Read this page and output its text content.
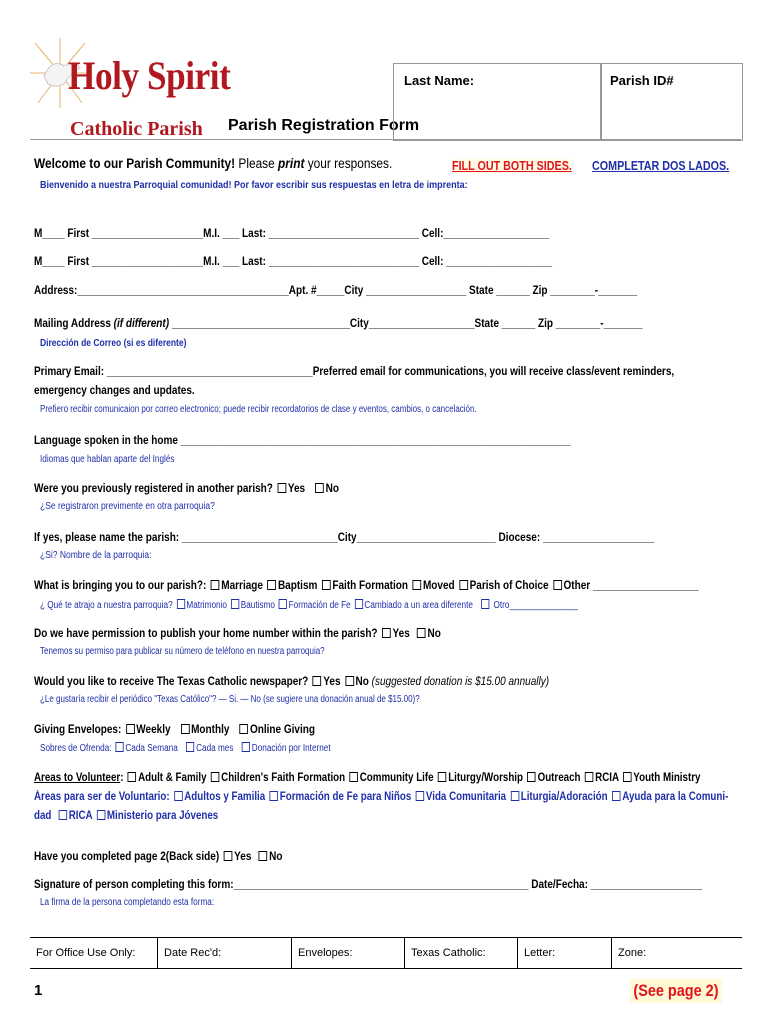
Holy Spirit
Catholic Parish Parish Registration Form
Last Name:	Parish ID#
Welcome to our Parish Community! Please print your responses.	FILL OUT BOTH SIDES. COMPLETAR DOS LADOS.
Bienvenido a nuestra Parroquial comunidad! Por favor escribir sus respuestas en letra de imprenta:
M____ First ____________________M.I. ___ Last: ___________________________ Cell:___________________
M____ First ____________________M.I. ___ Last: ___________________________ Cell: ___________________
Address:______________________________________Apt. #_____City __________________ State ______ Zip ________-_______
Mailing Address (if different) ________________________________City___________________State ______ Zip ________-_______
Dirección de Correo (si es diferente)
Primary Email: _____________________________________Preferred email for communications, you will receive class/event reminders,
emergency changes and updates.
Prefiero recibir comunicaion por correo electronico; puede recibir recordatorios de clase y eventos, cambios, o cancelación.
Language spoken in the home ______________________________________________________________________
Idiomas que hablan aparte del Inglés
Were you previously registered in another parish? Yes No
¿Se registraron previmente en otra parroquia?
If yes, please name the parish: ____________________________City_________________________ Diocese: ____________________
¿Si? Nombre de la parroquia:
What is bringing you to our parish?: Marriage Baptism Faith Formation Moved Parish of Choice Other ___________________
¿ Qué te atrajo a nuestra parroquia? Matrimonio Bautismo Formación de Fe Cambiado a un area diferente Otro_______________
Do we have permission to publish your home number within the parish? Yes No
Tenemos su permiso para publicar su número de teléfono en nuestra parroquia?
Would you like to receive The Texas Catholic newspaper? Yes No (suggested donation is $15.00 annually)
¿Le gustaría recibir el periódico "Texas Católico"? — Si. — No (se sugiere una donación anual de $15.00)?
Giving Envelopes: Weekly Monthly Online Giving
Sobres de Ofrenda: Cada Semana Cada mes Donación por Internet
Areas to Volunteer: Adult & Family Children's Faith Formation Community Life Liturgy/Worship Outreach RCIA Youth Ministry
Áreas para ser de Voluntario: Adultos y Familia Formación de Fe para Niños Vida Comunitaria Liturgia/Adoración Ayuda para la Comuni-
dad RICA Ministerio para Jóvenes
Have you completed page 2(Back side) Yes No
Signature of person completing this form:_____________________________________________________ Date/Fecha: ____________________
La firma de la persona completando esta forma:
For Office Use Only:	Date Rec'd:	Envelopes:	Texas Catholic:	Letter:	Zone:
1	(See page 2)
